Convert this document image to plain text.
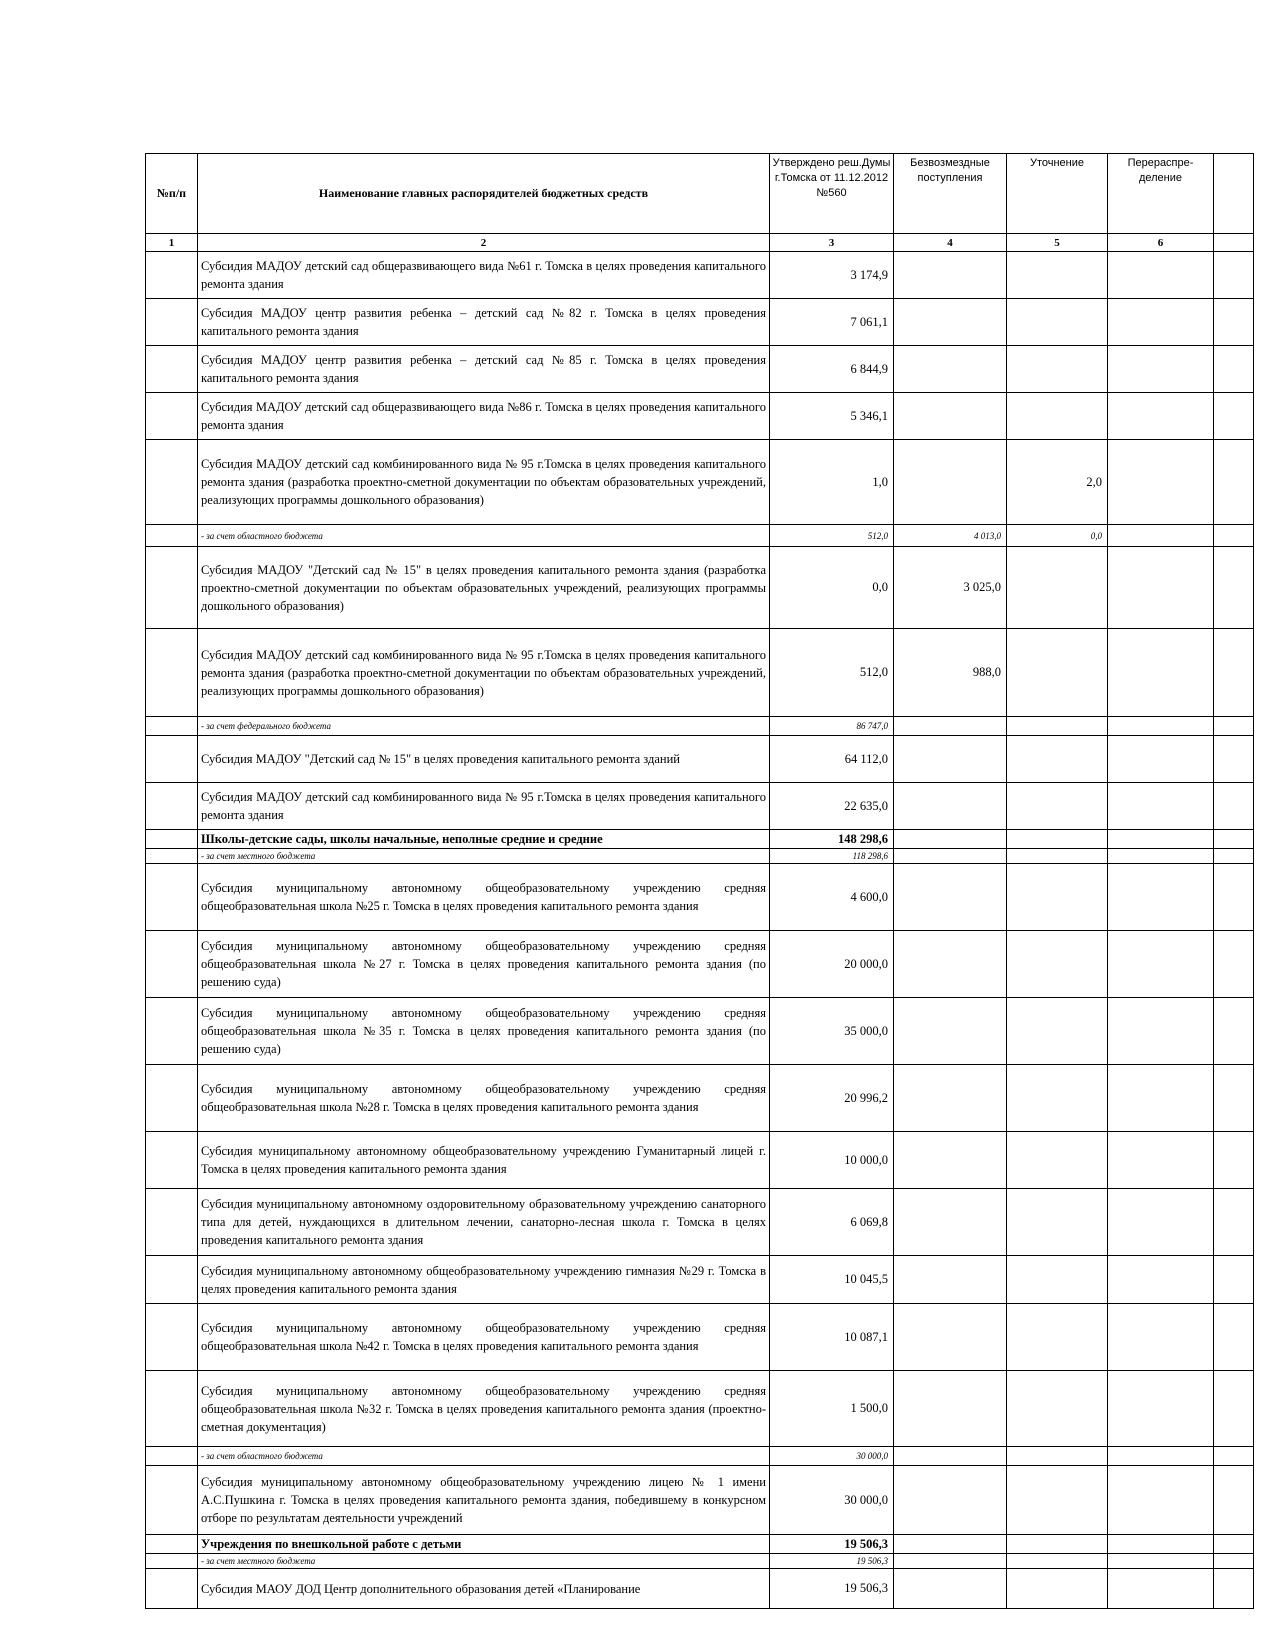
№п/п	Наименование главных распорядителей бюджетных средств	Утверждено реш.Думы г.Томска от 11.12.2012 №560	Безвозмездные поступления	Уточнение	Перераспре-деление	
1	2	3	4	5	6	
	Субсидия МАДОУ детский сад общеразвивающего вида №61 г. Томска в целях проведения капитального ремонта здания	3 174,9				
	Субсидия МАДОУ центр развития ребенка – детский сад №82 г. Томска в целях проведения капитального ремонта здания	7 061,1				
	Субсидия МАДОУ центр развития ребенка – детский сад №85 г. Томска в целях проведения капитального ремонта здания	6 844,9				
	Субсидия МАДОУ детский сад общеразвивающего вида №86 г. Томска в целях проведения капитального ремонта здания	5 346,1				
	Субсидия МАДОУ детский сад комбинированного вида № 95 г.Томска в целях проведения капитального ремонта здания (разработка проектно-сметной документации по объектам образовательных учреждений, реализующих программы дошкольного образования)	1,0		2,0		
	- за счет областного бюджета	512,0	4 013,0	0,0		
	Субсидия МАДОУ "Детский сад № 15" в целях проведения капитального ремонта здания (разработка проектно-сметной документации по объектам образовательных учреждений, реализующих программы дошкольного образования)	0,0	3 025,0			
	Субсидия МАДОУ детский сад комбинированного вида № 95 г.Томска в целях проведения капитального ремонта здания (разработка проектно-сметной документации по объектам образовательных учреждений, реализующих программы дошкольного образования)	512,0	988,0			
	- за счет федерального бюджета	86 747,0				
	Субсидия МАДОУ "Детский сад № 15" в целях проведения капитального ремонта зданий	64 112,0				
	Субсидия МАДОУ детский сад комбинированного вида № 95 г.Томска в целях проведения капитального ремонта здания	22 635,0				
	Школы-детские сады, школы начальные, неполные средние и средние	148 298,6				
	- за счет местного бюджета	118 298,6				
	Субсидия муниципальному автономному общеобразовательному учреждению средняя общеобразовательная школа №25 г. Томска в целях проведения капитального ремонта здания	4 600,0				
	Субсидия муниципальному автономному общеобразовательному учреждению средняя общеобразовательная школа №27 г. Томска в целях проведения капитального ремонта здания (по решению суда)	20 000,0				
	Субсидия муниципальному автономному общеобразовательному учреждению средняя общеобразовательная школа №35 г. Томска в целях проведения капитального ремонта здания (по решению суда)	35 000,0				
	Субсидия муниципальному автономному общеобразовательному учреждению средняя общеобразовательная школа №28 г. Томска в целях проведения капитального ремонта здания	20 996,2				
	Субсидия муниципальному автономному общеобразовательному учреждению Гуманитарный лицей г. Томска в целях проведения капитального ремонта здания	10 000,0				
	Субсидия муниципальному автономному оздоровительному образовательному учреждению санаторного типа для детей, нуждающихся в длительном лечении, санаторно-лесная школа г. Томска в целях проведения капитального ремонта здания	6 069,8				
	Субсидия муниципальному автономному общеобразовательному учреждению гимназия №29 г. Томска в целях проведения капитального ремонта здания	10 045,5				
	Субсидия муниципальному автономному общеобразовательному учреждению средняя общеобразовательная школа №42 г. Томска в целях проведения капитального ремонта здания	10 087,1				
	Субсидия муниципальному автономному общеобразовательному учреждению средняя общеобразовательная школа №32 г. Томска в целях проведения капитального ремонта здания (проектно-сметная документация)	1 500,0				
	- за счет областного бюджета	30 000,0				
	Субсидия муниципальному автономному общеобразовательному учреждению лицею № 1 имени А.С.Пушкина г. Томска в целях проведения капитального ремонта здания, победившему в конкурсном отборе по результатам деятельности учреждений	30 000,0				
	Учреждения по внешкольной работе с детьми	19 506,3				
	- за счет местного бюджета	19 506,3				
	Субсидия МАОУ ДОД Центр дополнительного образования детей «Планирование	19 506,3				
